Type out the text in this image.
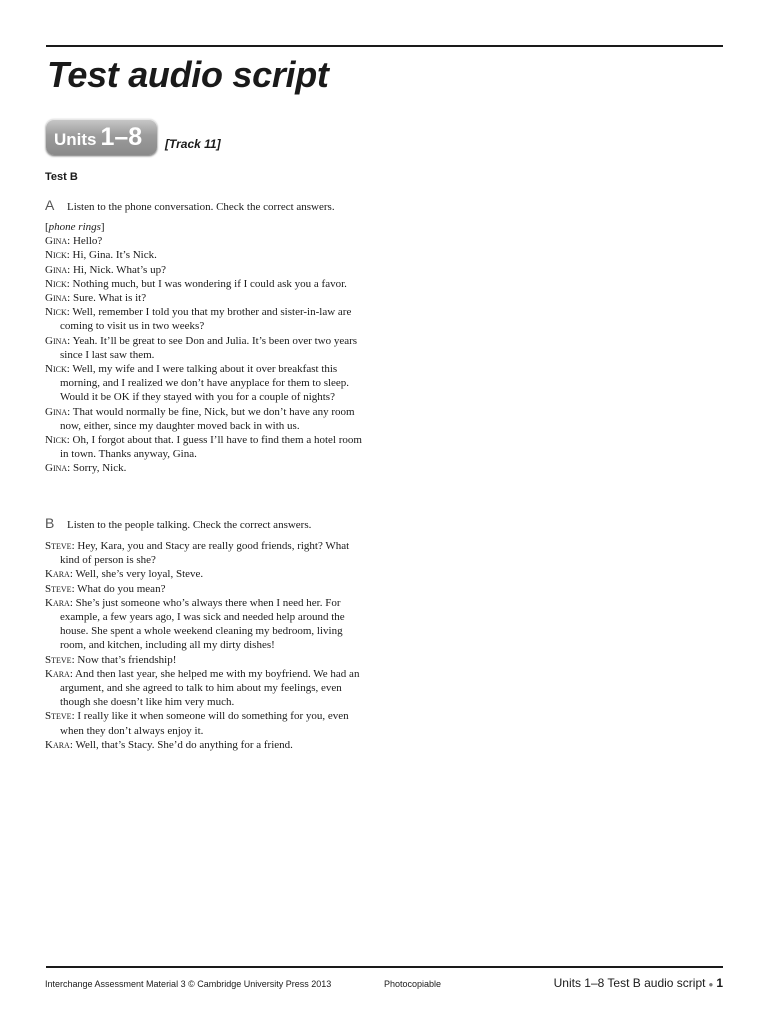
Test audio script
Units 1–8 [Track 11]
Test B
A	Listen to the phone conversation. Check the correct answers.
[phone rings]
Gina: Hello?
Nick: Hi, Gina. It’s Nick.
Gina: Hi, Nick. What’s up?
Nick: Nothing much, but I was wondering if I could ask you a favor.
Gina: Sure. What is it?
Nick: Well, remember I told you that my brother and sister-in-law are coming to visit us in two weeks?
Gina: Yeah. It’ll be great to see Don and Julia. It’s been over two years since I last saw them.
Nick: Well, my wife and I were talking about it over breakfast this morning, and I realized we don’t have anyplace for them to sleep. Would it be OK if they stayed with you for a couple of nights?
Gina: That would normally be fine, Nick, but we don’t have any room now, either, since my daughter moved back in with us.
Nick: Oh, I forgot about that. I guess I’ll have to find them a hotel room in town. Thanks anyway, Gina.
Gina: Sorry, Nick.
B	Listen to the people talking. Check the correct answers.
Steve: Hey, Kara, you and Stacy are really good friends, right? What kind of person is she?
Kara: Well, she’s very loyal, Steve.
Steve: What do you mean?
Kara: She’s just someone who’s always there when I need her. For example, a few years ago, I was sick and needed help around the house. She spent a whole weekend cleaning my bedroom, living room, and kitchen, including all my dirty dishes!
Steve: Now that’s friendship!
Kara: And then last year, she helped me with my boyfriend. We had an argument, and she agreed to talk to him about my feelings, even though she doesn’t like him very much.
Steve: I really like it when someone will do something for you, even when they don’t always enjoy it.
Kara: Well, that’s Stacy. She’d do anything for a friend.
Interchange Assessment Material 3 © Cambridge University Press 2013	Photocopiable	Units 1–8 Test B audio script ● 1
